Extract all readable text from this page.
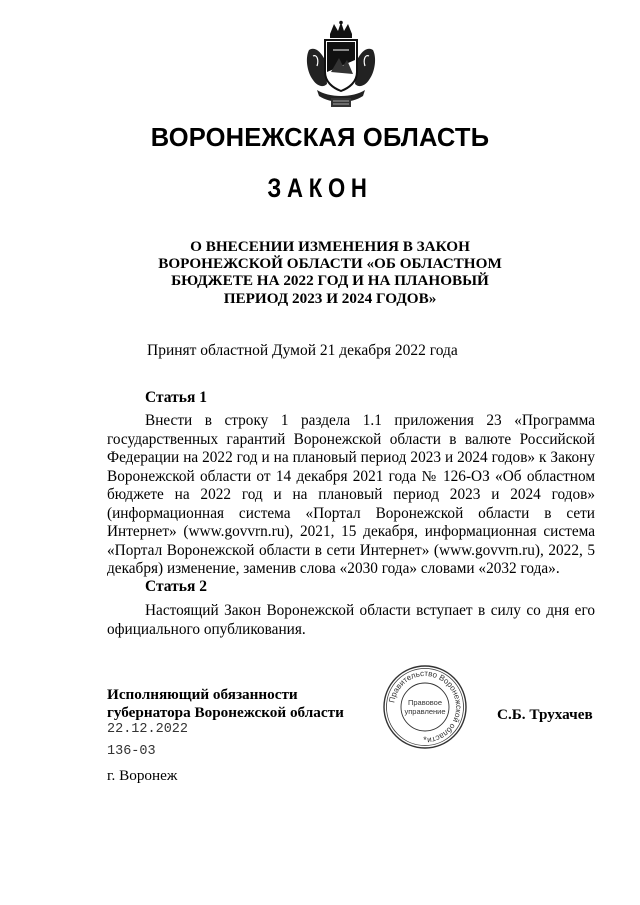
ВОРОНЕЖСКАЯ ОБЛАСТЬ
ЗАКОН
О ВНЕСЕНИИ ИЗМЕНЕНИЯ В ЗАКОН
ВОРОНЕЖСКОЙ ОБЛАСТИ «ОБ ОБЛАСТНОМ
БЮДЖЕТЕ НА 2022 ГОД И НА ПЛАНОВЫЙ
ПЕРИОД 2023 И 2024 ГОДОВ»
Принят областной Думой 21 декабря 2022 года
Статья 1
Внести в строку 1 раздела 1.1 приложения 23 «Программа государственных гарантий Воронежской области в валюте Российской Федерации на 2022 год и на плановый период 2023 и 2024 годов» к Закону Воронежской области от 14 декабря 2021 года № 126-ОЗ «Об областном бюджете на 2022 год и на плановый период 2023 и 2024 годов» (информационная система «Портал Воронежской области в сети Интернет» (www.govvrn.ru), 2021, 15 декабря, информационная система «Портал Воронежской области в сети Интернет» (www.govvrn.ru), 2022, 5 декабря) изменение, заменив слова «2030 года» словами «2032 года».
Статья 2
Настоящий Закон Воронежской области вступает в силу со дня его официального опубликования.
Исполняющий обязанности
губернатора Воронежской области
22.12.2022
136-03
г. Воронеж
Правительство Воронежской области
Правовое
управление
*
С.Б. Трухачев
